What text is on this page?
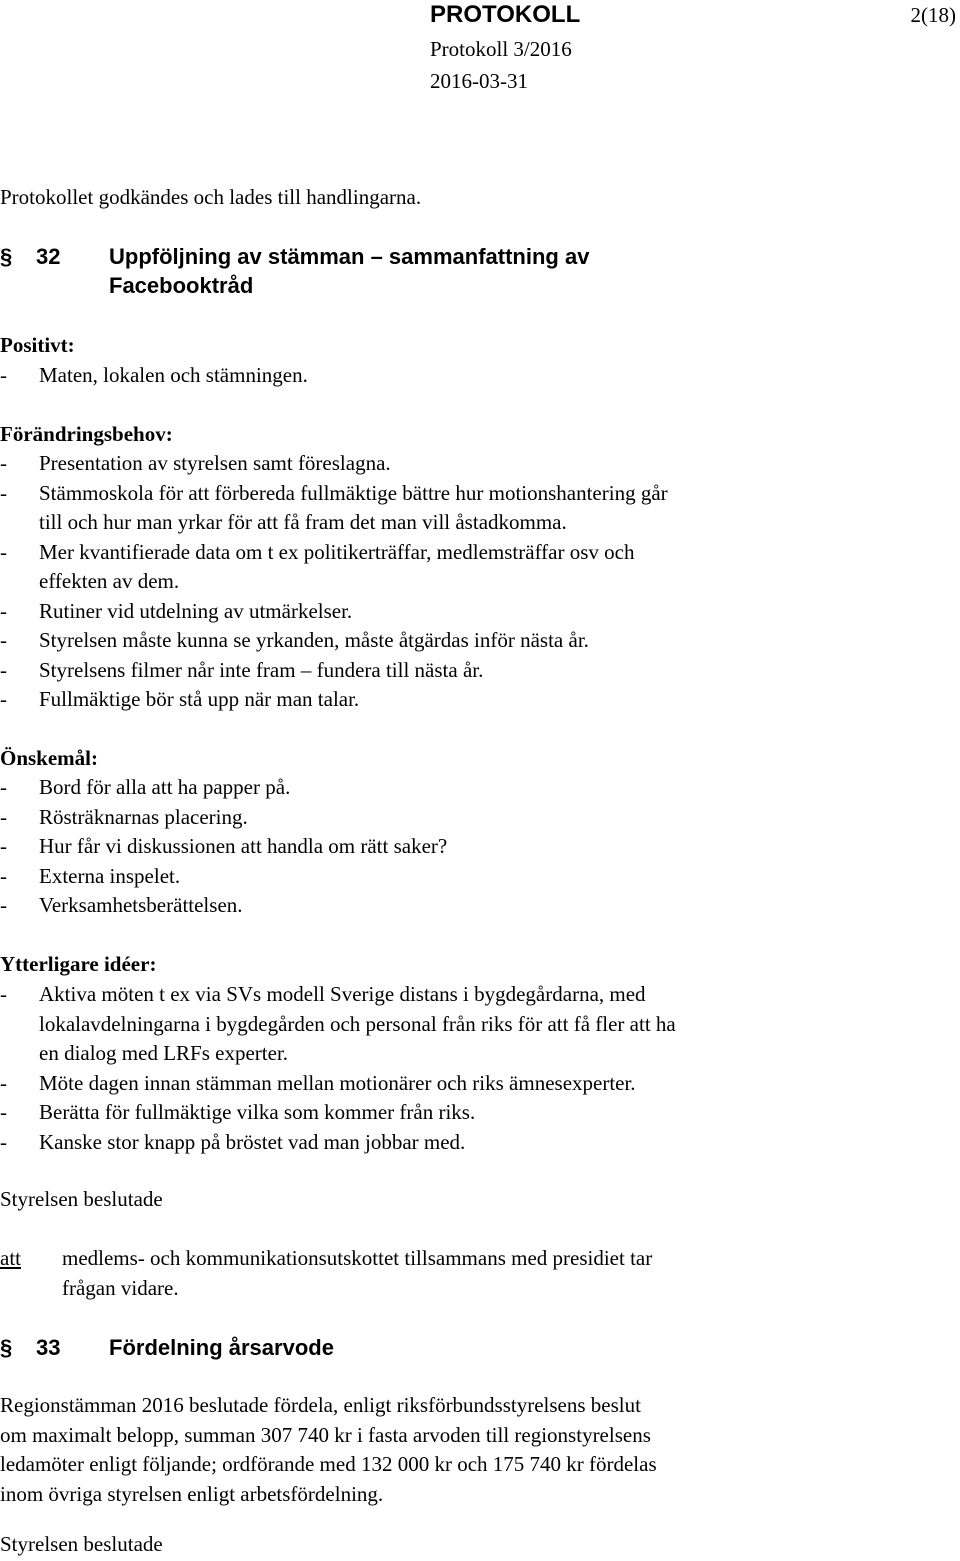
PROTOKOLL	2(18)
Protokoll 3/2016
2016-03-31
Protokollet godkändes och lades till handlingarna.
§	32	Uppföljning av stämman – sammanfattning av
Facebooktråd
Positivt:
-	Maten, lokalen och stämningen.
Förändringsbehov:
-	Presentation av styrelsen samt föreslagna.
-	Stämmoskola för att förbereda fullmäktige bättre hur motionshantering går
till och hur man yrkar för att få fram det man vill åstadkomma.
-	Mer kvantifierade data om t ex politikerträffar, medlemsträffar osv och
effekten av dem.
-	Rutiner vid utdelning av utmärkelser.
-	Styrelsen måste kunna se yrkanden, måste åtgärdas inför nästa år.
-	Styrelsens filmer når inte fram – fundera till nästa år.
-	Fullmäktige bör stå upp när man talar.
Önskemål:
-	Bord för alla att ha papper på.
-	Rösträknarnas placering.
-	Hur får vi diskussionen att handla om rätt saker?
-	Externa inspelet.
-	Verksamhetsberättelsen.
Ytterligare idéer:
-	Aktiva möten t ex via SVs modell Sverige distans i bygdegårdarna, med
lokalavdelningarna i bygdegården och personal från riks för att få fler att ha
en dialog med LRFs experter.
-	Möte dagen innan stämman mellan motionärer och riks ämnesexperter.
-	Berätta för fullmäktige vilka som kommer från riks.
-	Kanske stor knapp på bröstet vad man jobbar med.
Styrelsen beslutade
att	medlems- och kommunikationsutskottet tillsammans med presidiet tar
frågan vidare.
§	33	Fördelning årsarvode
Regionstämman 2016 beslutade fördela, enligt riksförbundsstyrelsens beslut
om maximalt belopp, summan 307 740 kr i fasta arvoden till regionstyrelsens
ledamöter enligt följande; ordförande med 132 000 kr och 175 740 kr fördelas
inom övriga styrelsen enligt arbetsfördelning.
Styrelsen beslutade
